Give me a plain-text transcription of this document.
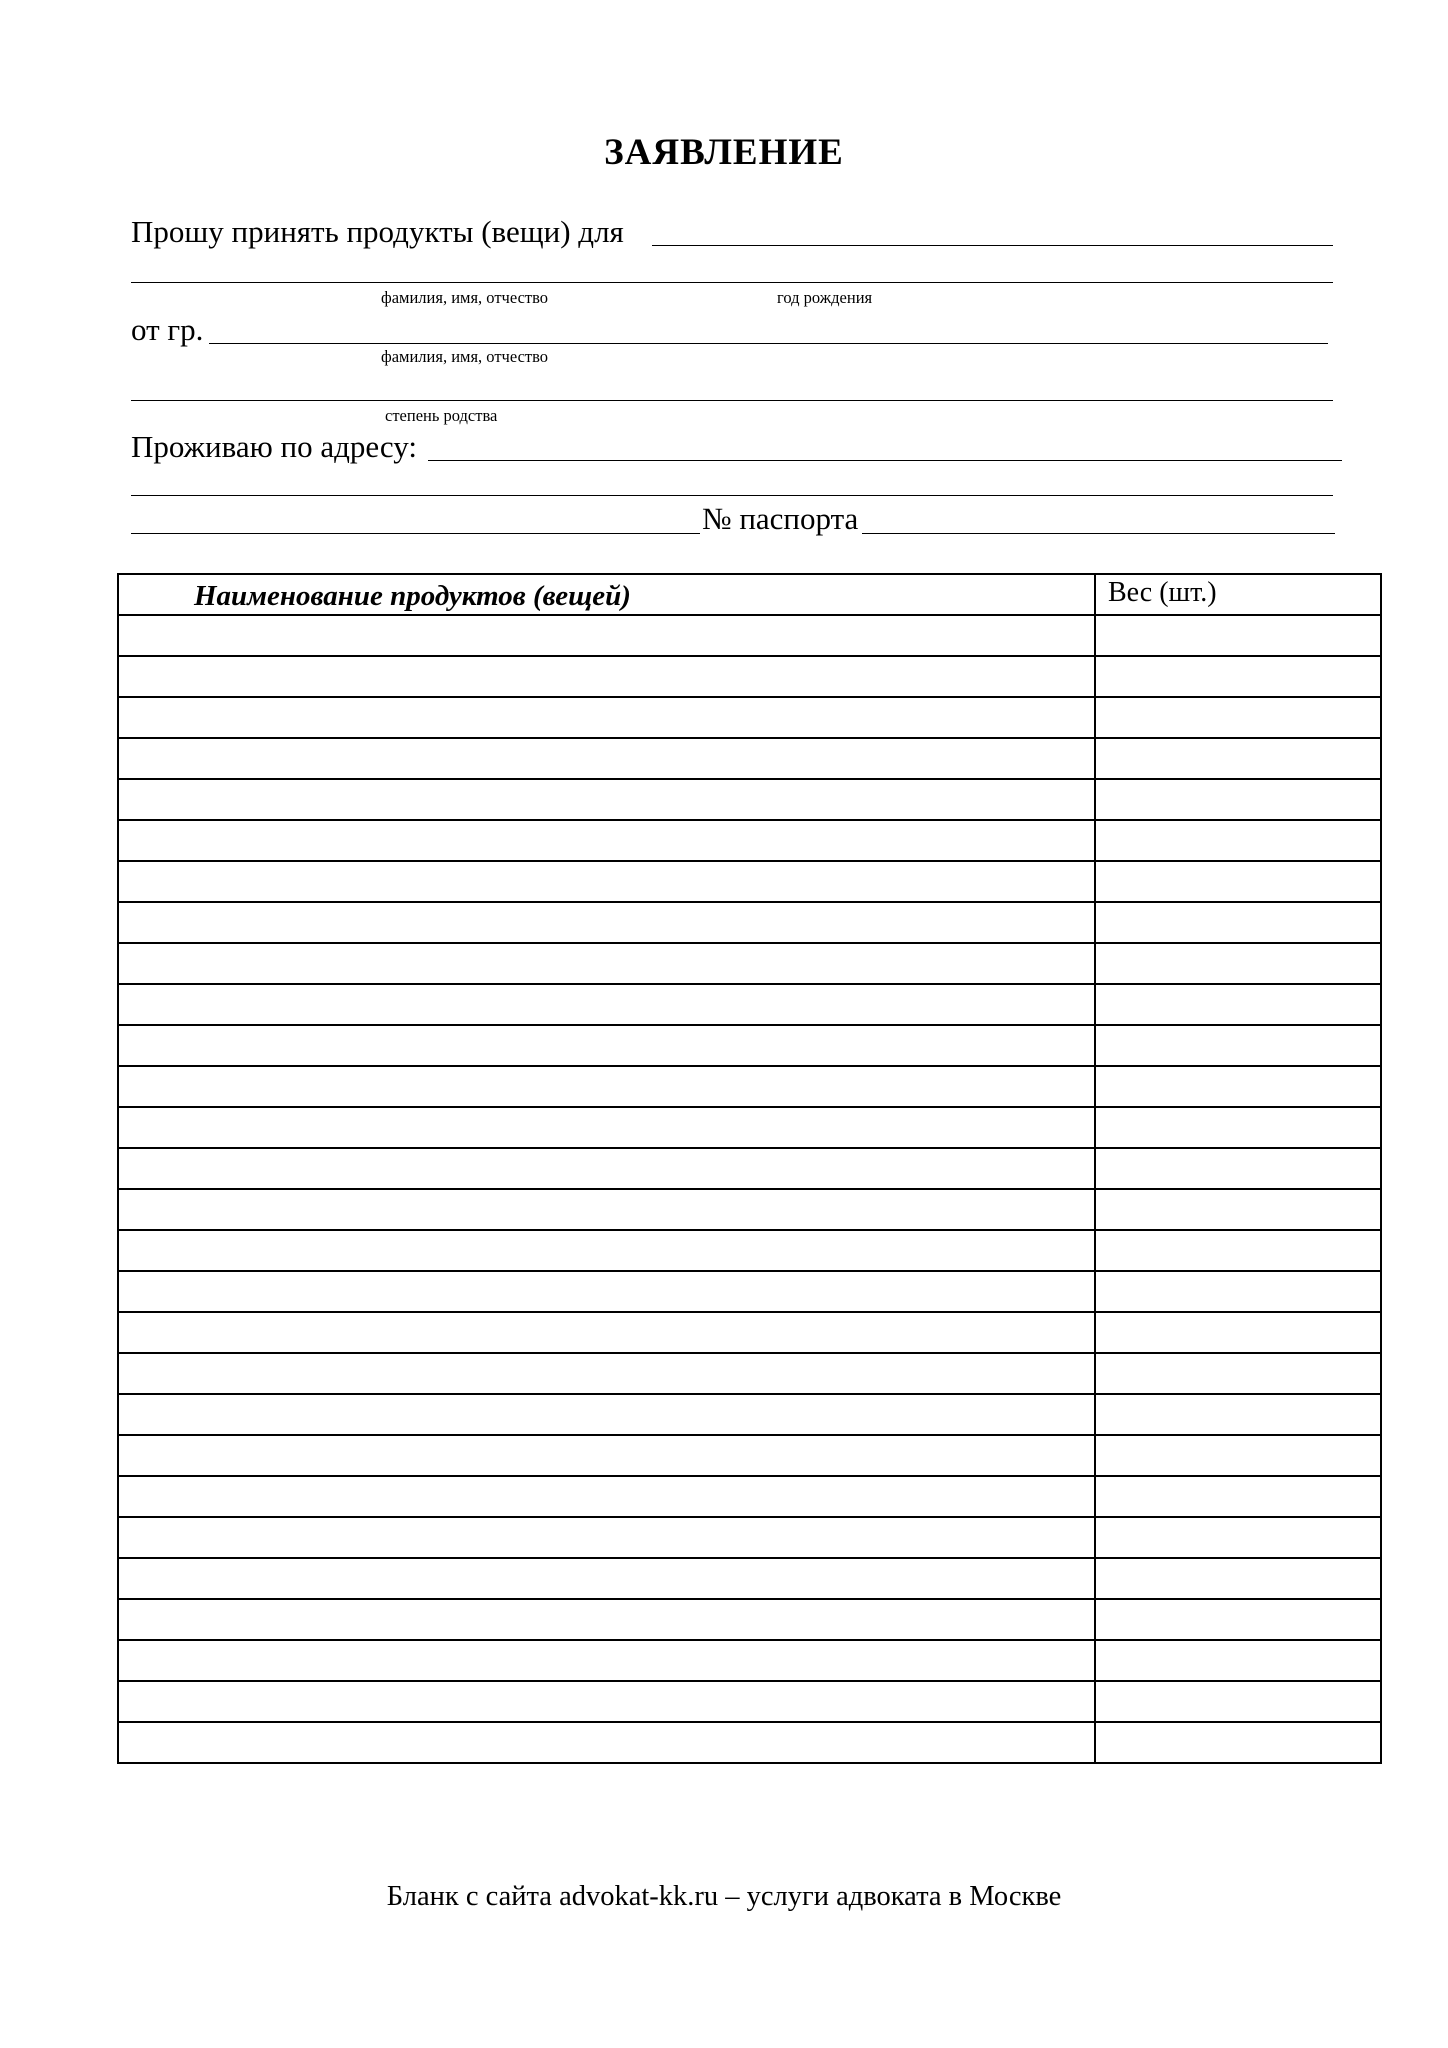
ЗАЯВЛЕНИЕ
Прошу принять продукты (вещи) для
фамилия, имя, отчество	год рождения
от гр.
фамилия, имя, отчество
степень родства
Проживаю по адресу:
№ паспорта
Наименование продуктов (вещей)	Вес (шт.)
Бланк с сайта advokat-kk.ru – услуги адвоката в Москве
